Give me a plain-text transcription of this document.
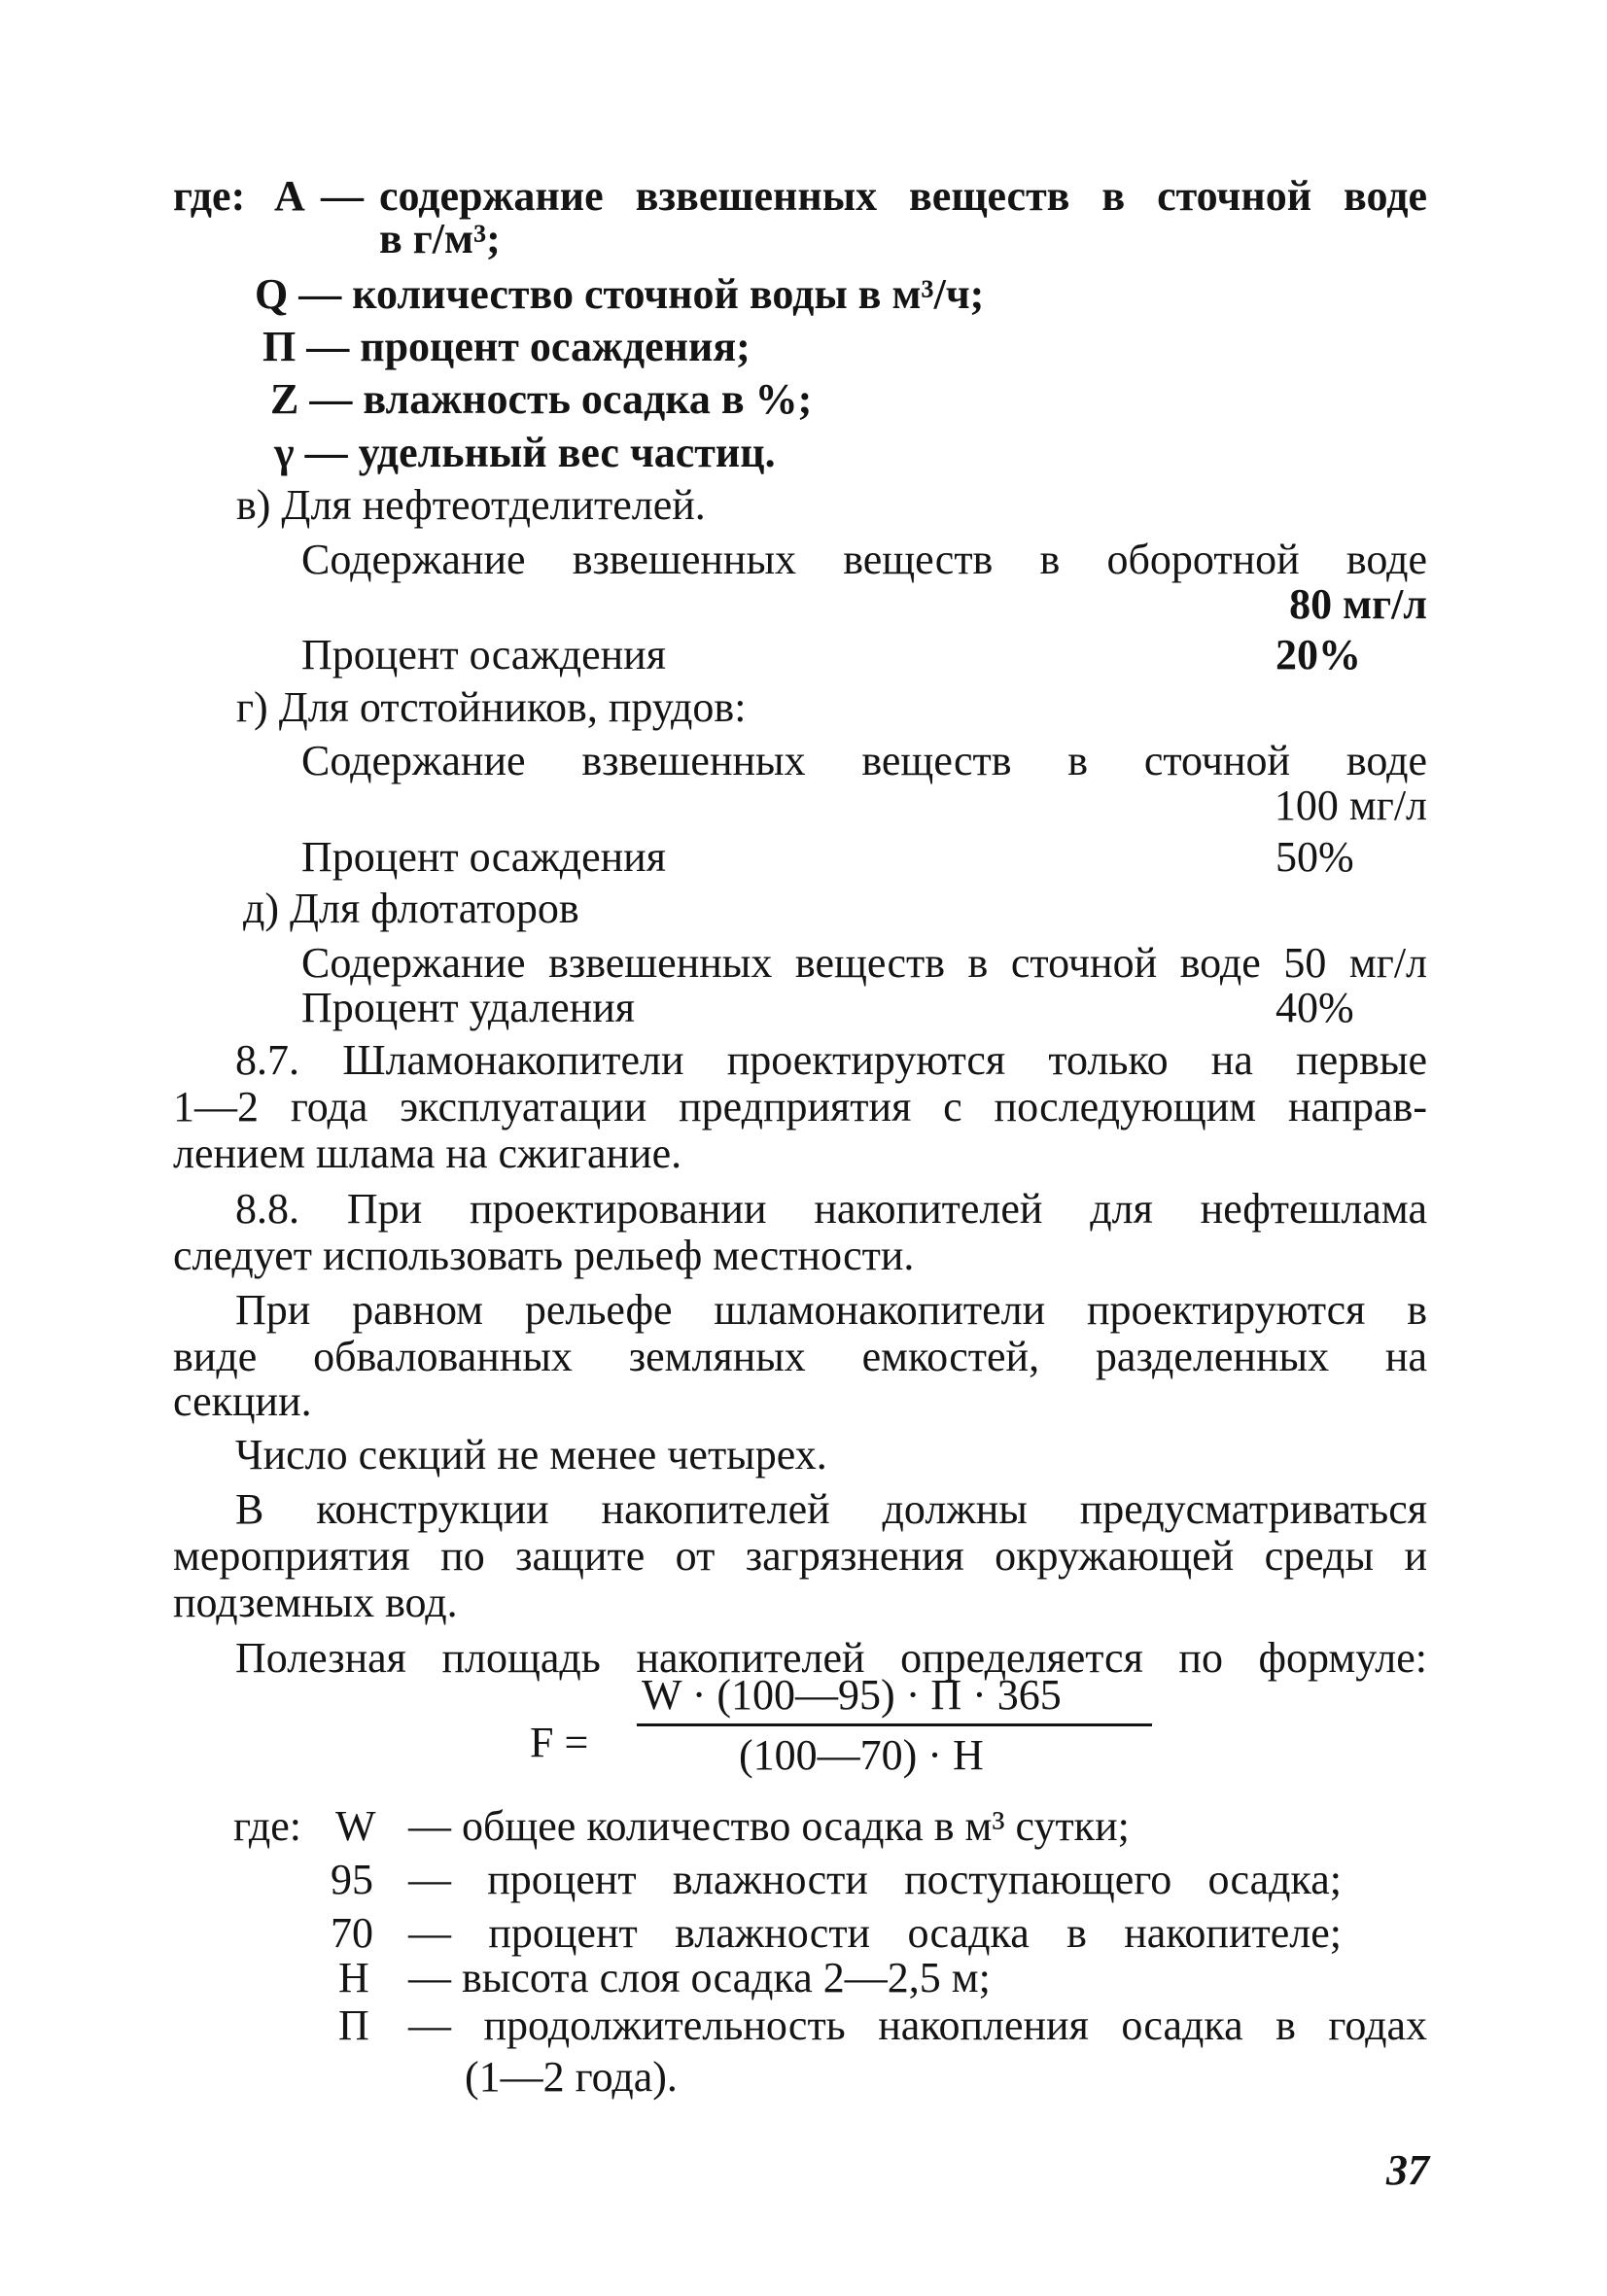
где: A — содержание взвешенных веществ в сточной воде
в г/м³;
Q — количество сточной воды в м³/ч;
П — процент осаждения;
Z — влажность осадка в %;
γ — удельный вес частиц.
в) Для нефтеотделителей.
Содержание взвешенных веществ в оборотной воде
80 мг/л
Процент осаждения	20%
г) Для отстойников, прудов:
Содержание взвешенных веществ в сточной воде
100 мг/л
Процент осаждения	50%
д) Для флотаторов
Содержание взвешенных веществ в сточной воде 50 мг/л
Процент удаления	40%
8.7. Шламонакопители проектируются только на первые
1—2 года эксплуатации предприятия с последующим направ-
лением шлама на сжигание.
8.8. При проектировании накопителей для нефтешлама
следует использовать рельеф местности.
При равном рельефе шламонакопители проектируются в
виде обвалованных земляных емкостей, разделенных на
секции.
Число секций не менее четырех.
В конструкции накопителей должны предусматриваться
мероприятия по защите от загрязнения окружающей среды и
подземных вод.
Полезная площадь накопителей определяется по формуле:
F =
W · (100—95) · П · 365
(100—70) · H
где: W — общее количество осадка в м³ сутки;
95 — процент влажности поступающего осадка;
70 — процент влажности осадка в накопителе;
H — высота слоя осадка 2—2,5 м;
П — продолжительность накопления осадка в годах
(1—2 года).
37
